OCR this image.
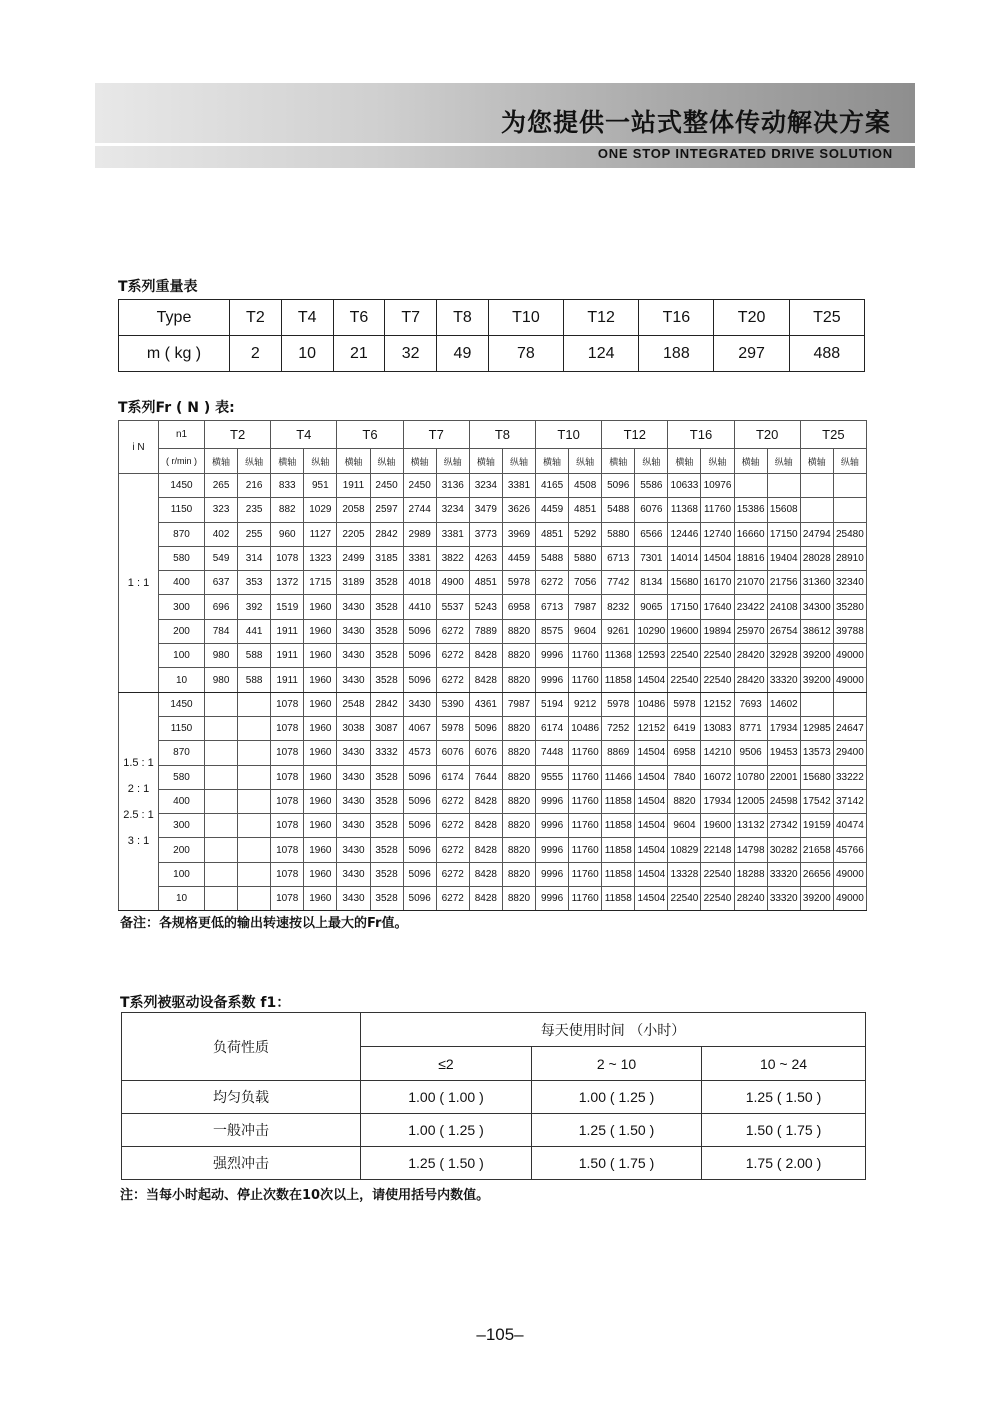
为您提供一站式整体传动解决方案
ONE STOP INTEGRATED DRIVE SOLUTION
T系列重量表
Type	T2	T4	T6	T7	T8	T10	T12	T16	T20	T25
m ( kg )	2	10	21	32	49	78	124	188	297	488
T系列Fr ( N ) 表:
i N	n1	T2		T4		T6		T7		T8		T10		T12		T16		T20		T25	
	( r/min )	横轴	纵轴	横轴	纵轴	横轴	纵轴	横轴	纵轴	横轴	纵轴	横轴	纵轴	横轴	纵轴	横轴	纵轴	横轴	纵轴	横轴	纵轴

1 : 1	1450	265	216	833	951	1911	2450	2450	3136	3234	3381	4165	4508	5096	5586	10633	10976				
	1150	323	235	882	1029	2058	2597	2744	3234	3479	3626	4459	4851	5488	6076	11368	11760	15386	15608		
	870	402	255	960	1127	2205	2842	2989	3381	3773	3969	4851	5292	5880	6566	12446	12740	16660	17150	24794	25480
	580	549	314	1078	1323	2499	3185	3381	3822	4263	4459	5488	5880	6713	7301	14014	14504	18816	19404	28028	28910
	400	637	353	1372	1715	3189	3528	4018	4900	4851	5978	6272	7056	7742	8134	15680	16170	21070	21756	31360	32340
	300	696	392	1519	1960	3430	3528	4410	5537	5243	6958	6713	7987	8232	9065	17150	17640	23422	24108	34300	35280
	200	784	441	1911	1960	3430	3528	5096	6272	7889	8820	8575	9604	9261	10290	19600	19894	25970	26754	38612	39788
	100	980	588	1911	1960	3430	3528	5096	6272	8428	8820	9996	11760	11368	12593	22540	22540	28420	32928	39200	49000
	10	980	588	1911	1960	3430	3528	5096	6272	8428	8820	9996	11760	11858	14504	22540	22540	28420	33320	39200	49000

1.5 : 1
2 : 1
2.5 : 1
3 : 1	1450			1078	1960	2548	2842	3430	5390	4361	7987	5194	9212	5978	10486	5978	12152	7693	14602		
	1150			1078	1960	3038	3087	4067	5978	5096	8820	6174	10486	7252	12152	6419	13083	8771	17934	12985	24647
	870			1078	1960	3430	3332	4573	6076	6076	8820	7448	11760	8869	14504	6958	14210	9506	19453	13573	29400
	580			1078	1960	3430	3528	5096	6174	7644	8820	9555	11760	11466	14504	7840	16072	10780	22001	15680	33222
	400			1078	1960	3430	3528	5096	6272	8428	8820	9996	11760	11858	14504	8820	17934	12005	24598	17542	37142
	300			1078	1960	3430	3528	5096	6272	8428	8820	9996	11760	11858	14504	9604	19600	13132	27342	19159	40474
	200			1078	1960	3430	3528	5096	6272	8428	8820	9996	11760	11858	14504	10829	22148	14798	30282	21658	45766
	100			1078	1960	3430	3528	5096	6272	8428	8820	9996	11760	11858	14504	13328	22540	18288	33320	26656	49000
	10			1078	1960	3430	3528	5096	6272	8428	8820	9996	11760	11858	14504	22540	22540	28240	33320	39200	49000
备注：各规格更低的输出转速按以上最大的Fr值。
T系列被驱动设备系数 f1：
负荷性质	每天使用时间 （小时）		
	≤2	2 ~ 10	10 ~ 24
均匀负载	1.00 ( 1.00 )	1.00 ( 1.25 )	1.25 ( 1.50 )
一般冲击	1.00 ( 1.25 )	1.25 ( 1.50 )	1.50 ( 1.75 )
强烈冲击	1.25 ( 1.50 )	1.50 ( 1.75 )	1.75 ( 2.00 )
注：当每小时起动、停止次数在10次以上，请使用括号内数值。
–105–
